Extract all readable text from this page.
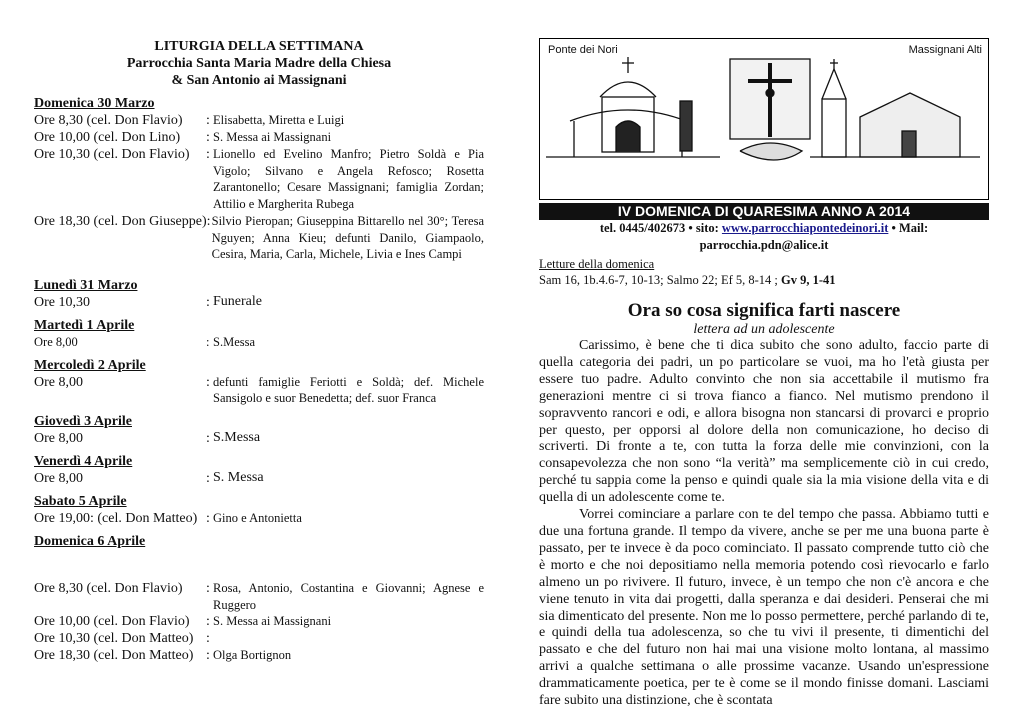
LITURGIA DELLA SETTIMANA
Parrocchia Santa Maria Madre della Chiesa
& San Antonio ai Massignani
Domenica 30 Marzo
Ore 8,30 (cel. Don Flavio)	: Elisabetta, Miretta e Luigi
Ore 10,00 (cel. Don Lino)	: S. Messa ai Massignani
Ore 10,30 (cel. Don Flavio)	: Lionello ed Evelino Manfro; Pietro Soldà e Pia Vigolo; Silvano e Angela Refosco; Rosetta Zarantonello; Cesare Massignani; famiglia Zordan; Attilio e Margherita Rubega
Ore 18,30 (cel. Don Giuseppe) : Silvio Pieropan; Giuseppina Bittarello nel 30°; Teresa Nguyen; Anna Kieu; defunti Danilo, Giampaolo, Cesira, Maria, Carla, Michele, Livia e Ines Campi
Lunedì 31 Marzo
Ore 10,30	: Funerale
Martedì 1 Aprile
Ore 8,00	: S.Messa
Mercoledì 2 Aprile
Ore 8,00	: defunti famiglie Feriotti e Soldà; def. Michele Sansigolo e suor Benedetta; def. suor Franca
Giovedì 3 Aprile
Ore 8,00	: S.Messa
Venerdì 4 Aprile
Ore 8,00	: S. Messa
Sabato 5 Aprile
Ore 19,00: (cel. Don Matteo) : Gino e Antonietta
Domenica 6 Aprile
Ore 8,30 (cel. Don Flavio)	: Rosa, Antonio, Costantina e Giovanni; Agnese e Ruggero
Ore 10,00 (cel. Don Flavio)	: S. Messa ai Massignani
Ore 10,30 (cel. Don Matteo) :
Ore 18,30 (cel. Don Matteo) : Olga Bortignon
Ponte dei Nori	Massignani Alti
IV DOMENICA DI QUARESIMA ANNO A 2014
tel. 0445/402673 • sito: www.parrocchiapontedeinori.it • Mail:
parrocchia.pdn@alice.it
Letture della domenica
Sam 16, 1b.4.6-7, 10-13; Salmo 22; Ef 5, 8-14 ; Gv 9, 1-41
Ora so cosa significa farti nascere
lettera ad un adolescente

Carissimo, è bene che ti dica subito che sono adulto, faccio parte di quella categoria dei padri, un po particolare se vuoi, ma ho l'età giusta per essere tuo padre. Adulto convinto che non sia accettabile il mutismo fra generazioni mentre ci si trova fianco a fianco. Nel mutismo prendono il sopravvento rancori e odi, e allora bisogna non stancarsi di provarci e proprio per questo, per opporsi al dolore della non comunicazione, ho deciso di scriverti. Di fronte a te, con tutta la forza delle mie convinzioni, con la consapevolezza che non sono “la verità” ma semplicemente ciò in cui credo, perché tu sappia come la penso e quindi quale sia la mia visione della vita e di quella di un adolescente come te.

Vorrei cominciare a parlare con te del tempo che passa. Abbiamo tutti e due una fortuna grande. Il tempo da vivere, anche se per me una buona parte è passato, per te invece è da poco cominciato. Il passato comprende tutto ciò che è morto e che noi depositiamo nella memoria potendo così rievocarlo e farlo almeno un po rivivere. Il futuro, invece, è un tempo che non c'è ancora e che viene tenuto in vita dai progetti, dalla speranza e dai desideri. Penserai che mi sia dimenticato del presente. Non me lo posso permettere, perché parlando di te, e quindi della tua adolescenza, so che tu vivi il presente, ti dimentichi del passato e che del futuro non hai mai una visione molto lontana, al massimo arrivi a qualche settimana o alle prossime vacanze. Usando un'espressione drammaticamente poetica, per te è come se il mondo finisse domani. Lasciami fare subito una distinzione, che è scontata
